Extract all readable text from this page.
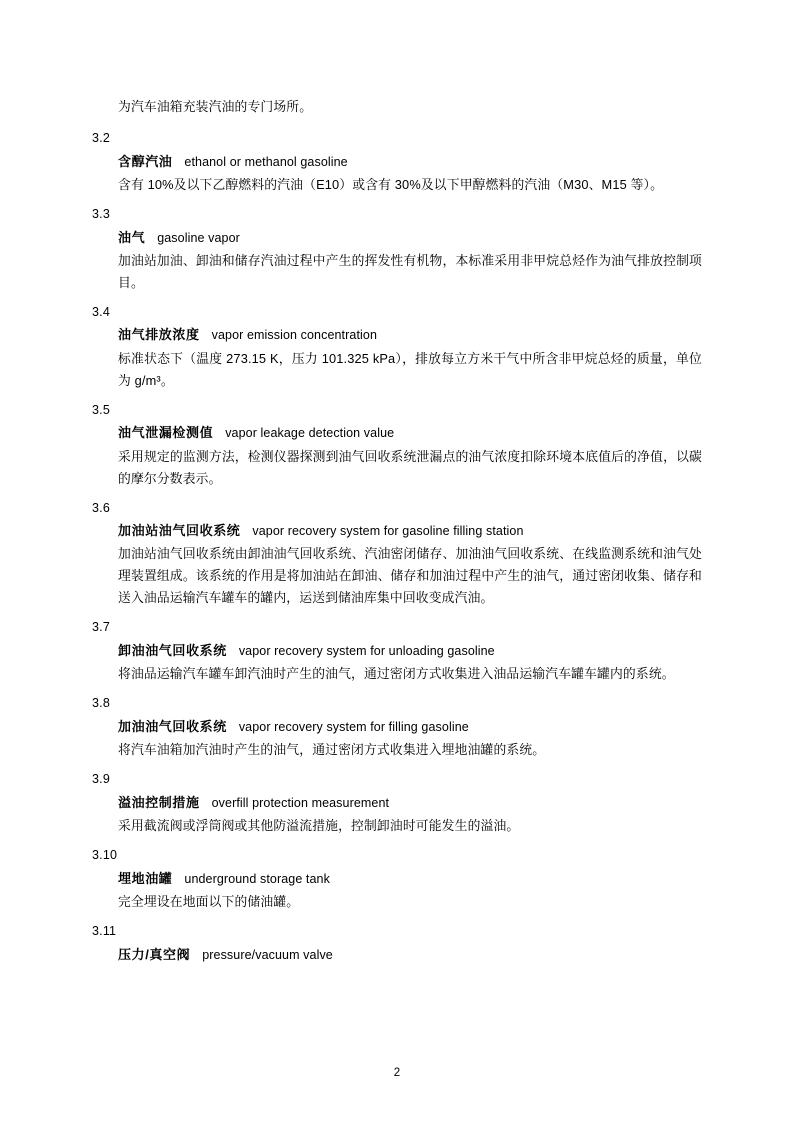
为汽车油箱充装汽油的专门场所。
3.2
含醇汽油 ethanol or methanol gasoline
含有 10%及以下乙醇燃料的汽油（E10）或含有 30%及以下甲醇燃料的汽油（M30、M15 等）。
3.3
油气 gasoline vapor
加油站加油、卸油和储存汽油过程中产生的挥发性有机物，本标准采用非甲烷总烃作为油气排放控制项目。
3.4
油气排放浓度 vapor emission concentration
标准状态下（温度 273.15 K，压力 101.325 kPa），排放每立方米干气中所含非甲烷总烃的质量，单位为 g/m³。
3.5
油气泄漏检测值 vapor leakage detection value
采用规定的监测方法，检测仪器探测到油气回收系统泄漏点的油气浓度扣除环境本底值后的净值，以碳的摩尔分数表示。
3.6
加油站油气回收系统 vapor recovery system for gasoline filling station
加油站油气回收系统由卸油油气回收系统、汽油密闭储存、加油油气回收系统、在线监测系统和油气处理装置组成。该系统的作用是将加油站在卸油、储存和加油过程中产生的油气，通过密闭收集、储存和送入油品运输汽车罐车的罐内，运送到储油库集中回收变成汽油。
3.7
卸油油气回收系统 vapor recovery system for unloading gasoline
将油品运输汽车罐车卸汽油时产生的油气，通过密闭方式收集进入油品运输汽车罐车罐内的系统。
3.8
加油油气回收系统 vapor recovery system for filling gasoline
将汽车油箱加汽油时产生的油气，通过密闭方式收集进入埋地油罐的系统。
3.9
溢油控制措施 overfill protection measurement
采用截流阀或浮筒阀或其他防溢流措施，控制卸油时可能发生的溢油。
3.10
埋地油罐 underground storage tank
完全埋设在地面以下的储油罐。
3.11
压力/真空阀 pressure/vacuum valve
2
